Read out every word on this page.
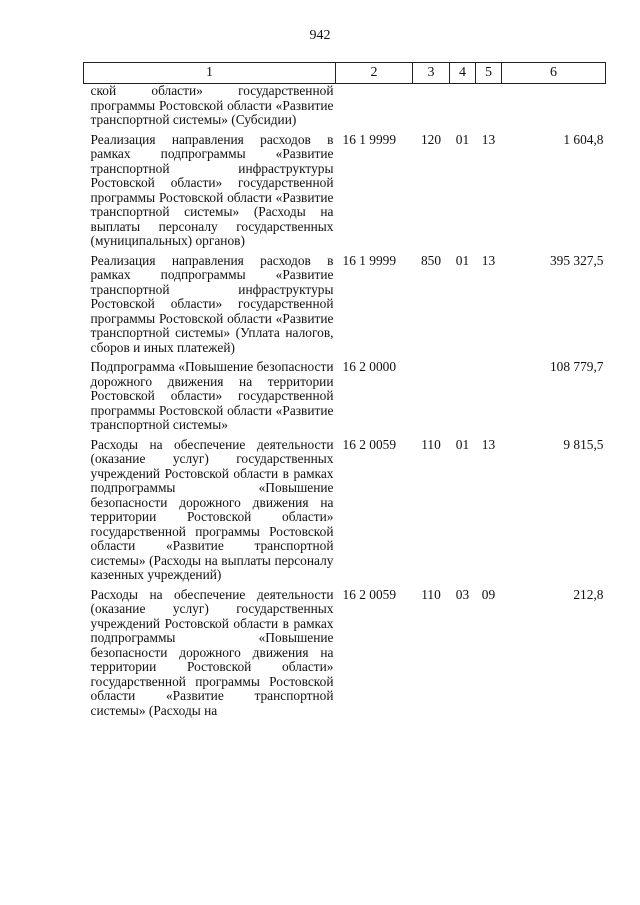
942
1	2	3	4	5	6
ской области» государственной программы Ростовской области «Развитие транспортной системы» (Субсидии)					
Реализация направления расходов в рамках подпрограммы «Развитие транспортной инфраструктуры Ростовской области» государственной программы Ростовской области «Развитие транспортной системы» (Расходы на выплаты персоналу государственных (муниципальных) органов)	16 1 9999	120	01	13	1 604,8
Реализация направления расходов в рамках подпрограммы «Развитие транспортной инфраструктуры Ростовской области» государственной программы Ростовской области «Развитие транспортной системы» (Уплата налогов, сборов и иных платежей)	16 1 9999	850	01	13	395 327,5
Подпрограмма «Повышение безопасности дорожного движения на территории Ростовской области» государственной программы Ростовской области «Развитие транспортной системы»	16 2 0000				108 779,7
Расходы на обеспечение деятельности (оказание услуг) государственных учреждений Ростовской области в рамках подпрограммы «Повышение безопасности дорожного движения на территории Ростовской области» государственной программы Ростовской области «Развитие транспортной системы» (Расходы на выплаты персоналу казенных учреждений)	16 2 0059	110	01	13	9 815,5
Расходы на обеспечение деятельности (оказание услуг) государственных учреждений Ростовской области в рамках подпрограммы «Повышение безопасности дорожного движения на территории Ростовской области» государственной программы Ростовской области «Развитие транспортной системы» (Расходы на	16 2 0059	110	03	09	212,8
